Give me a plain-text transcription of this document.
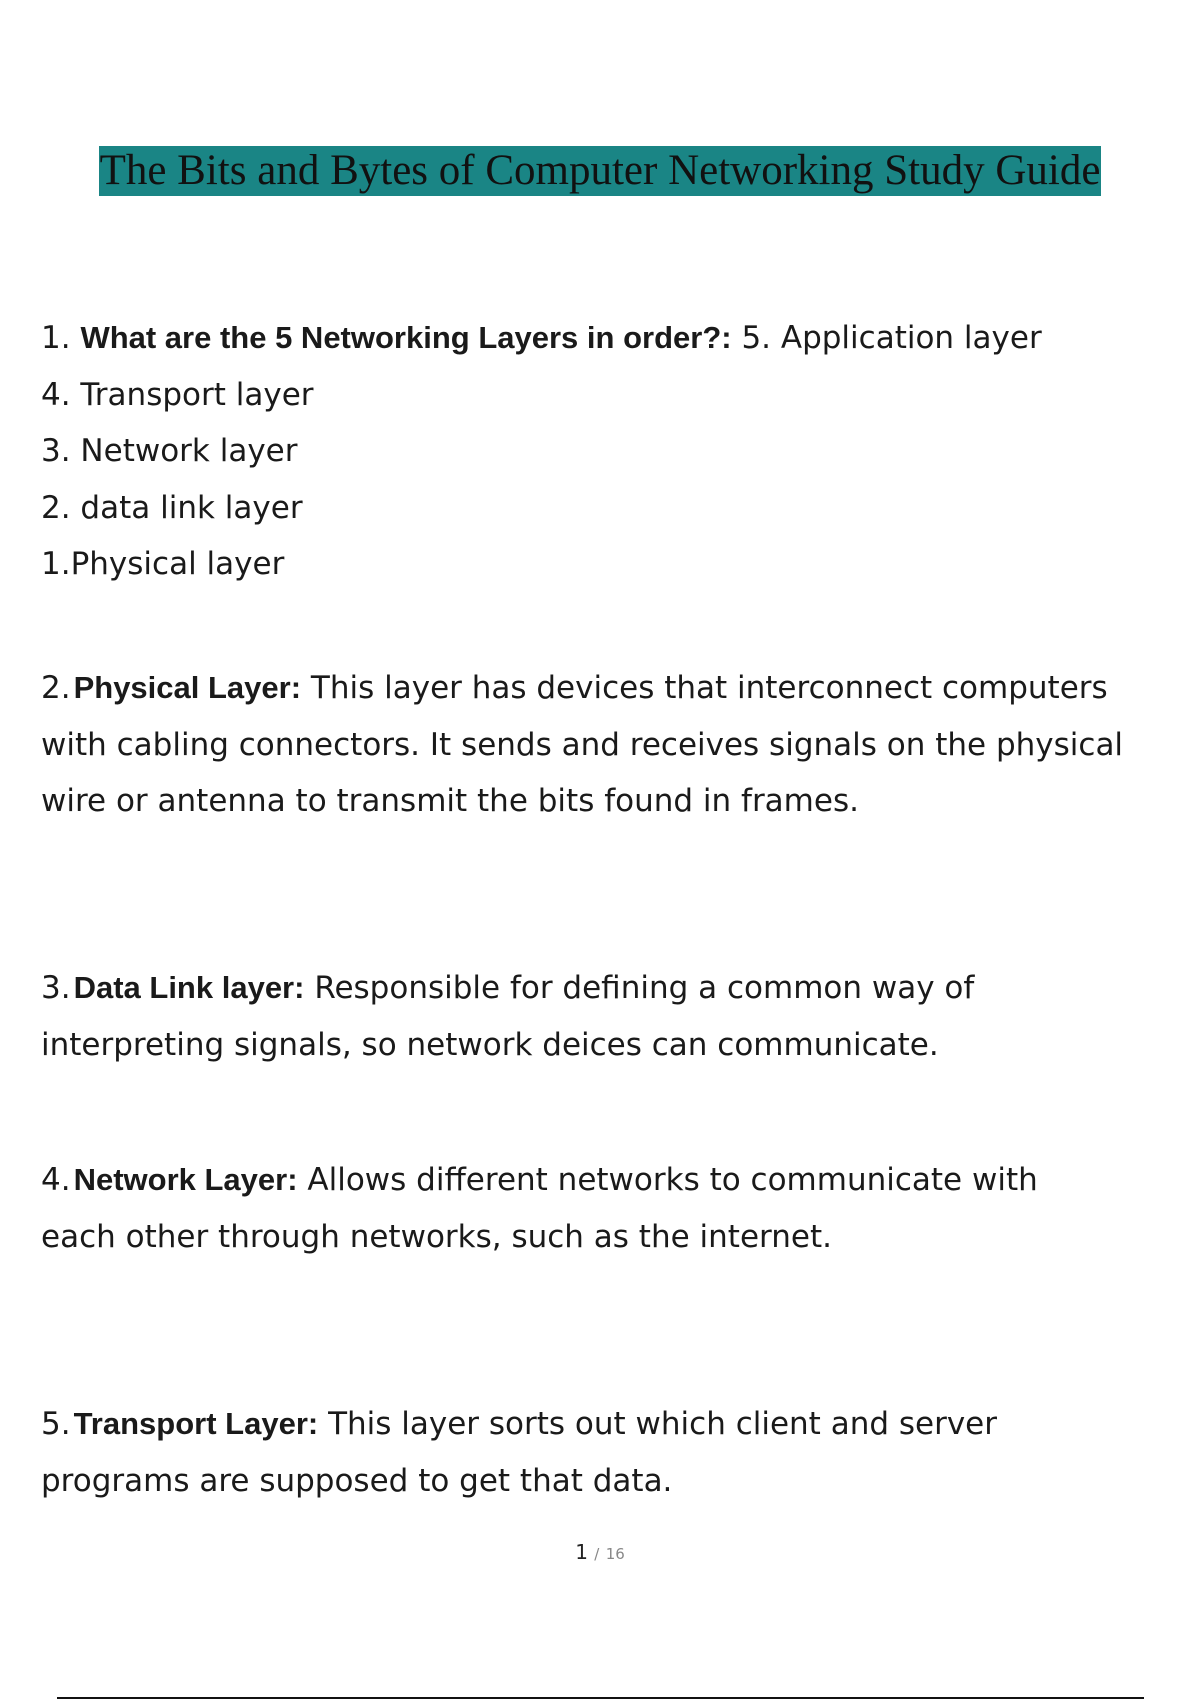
The Bits and Bytes of Computer Networking Study Guide
1. What are the 5 Networking Layers in order?: 5. Application layer
4. Transport layer
3. Network layer
2. data link layer
1.Physical layer
2.Physical Layer: This layer has devices that interconnect computers
with cabling connectors. It sends and receives signals on the physical
wire or antenna to transmit the bits found in frames.
3.Data Link layer: Responsible for defining a common way of
interpreting signals, so network deices can communicate.
4.Network Layer: Allows different networks to communicate with
each other through networks, such as the internet.
5.Transport Layer: This layer sorts out which client and server
programs are supposed to get that data.
1 / 16
